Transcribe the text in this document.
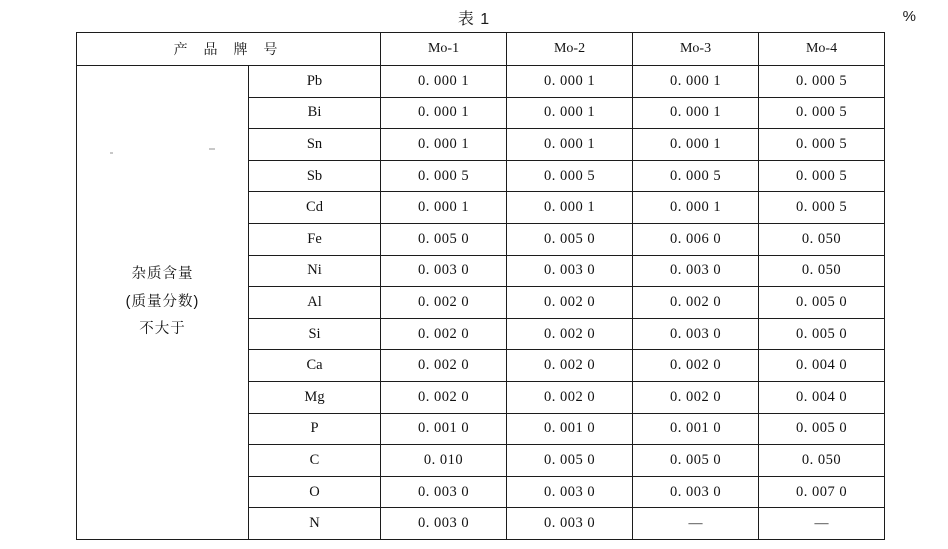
表 1	%
产 品 牌 号		Mo-1	Mo-2	Mo-3	Mo-4

杂质含量
(质量分数)
不大于	Pb	0. 000 1	0. 000 1	0. 000 1	0. 000 5
	Bi	0. 000 1	0. 000 1	0. 000 1	0. 000 5
	Sn	0. 000 1	0. 000 1	0. 000 1	0. 000 5
	Sb	0. 000 5	0. 000 5	0. 000 5	0. 000 5
	Cd	0. 000 1	0. 000 1	0. 000 1	0. 000 5
	Fe	0. 005 0	0. 005 0	0. 006 0	0. 050
	Ni	0. 003 0	0. 003 0	0. 003 0	0. 050
	Al	0. 002 0	0. 002 0	0. 002 0	0. 005 0
	Si	0. 002 0	0. 002 0	0. 003 0	0. 005 0
	Ca	0. 002 0	0. 002 0	0. 002 0	0. 004 0
	Mg	0. 002 0	0. 002 0	0. 002 0	0. 004 0
	P	0. 001 0	0. 001 0	0. 001 0	0. 005 0
	C	0. 010	0. 005 0	0. 005 0	0. 050
	O	0. 003 0	0. 003 0	0. 003 0	0. 007 0
	N	0. 003 0	0. 003 0	—	—
